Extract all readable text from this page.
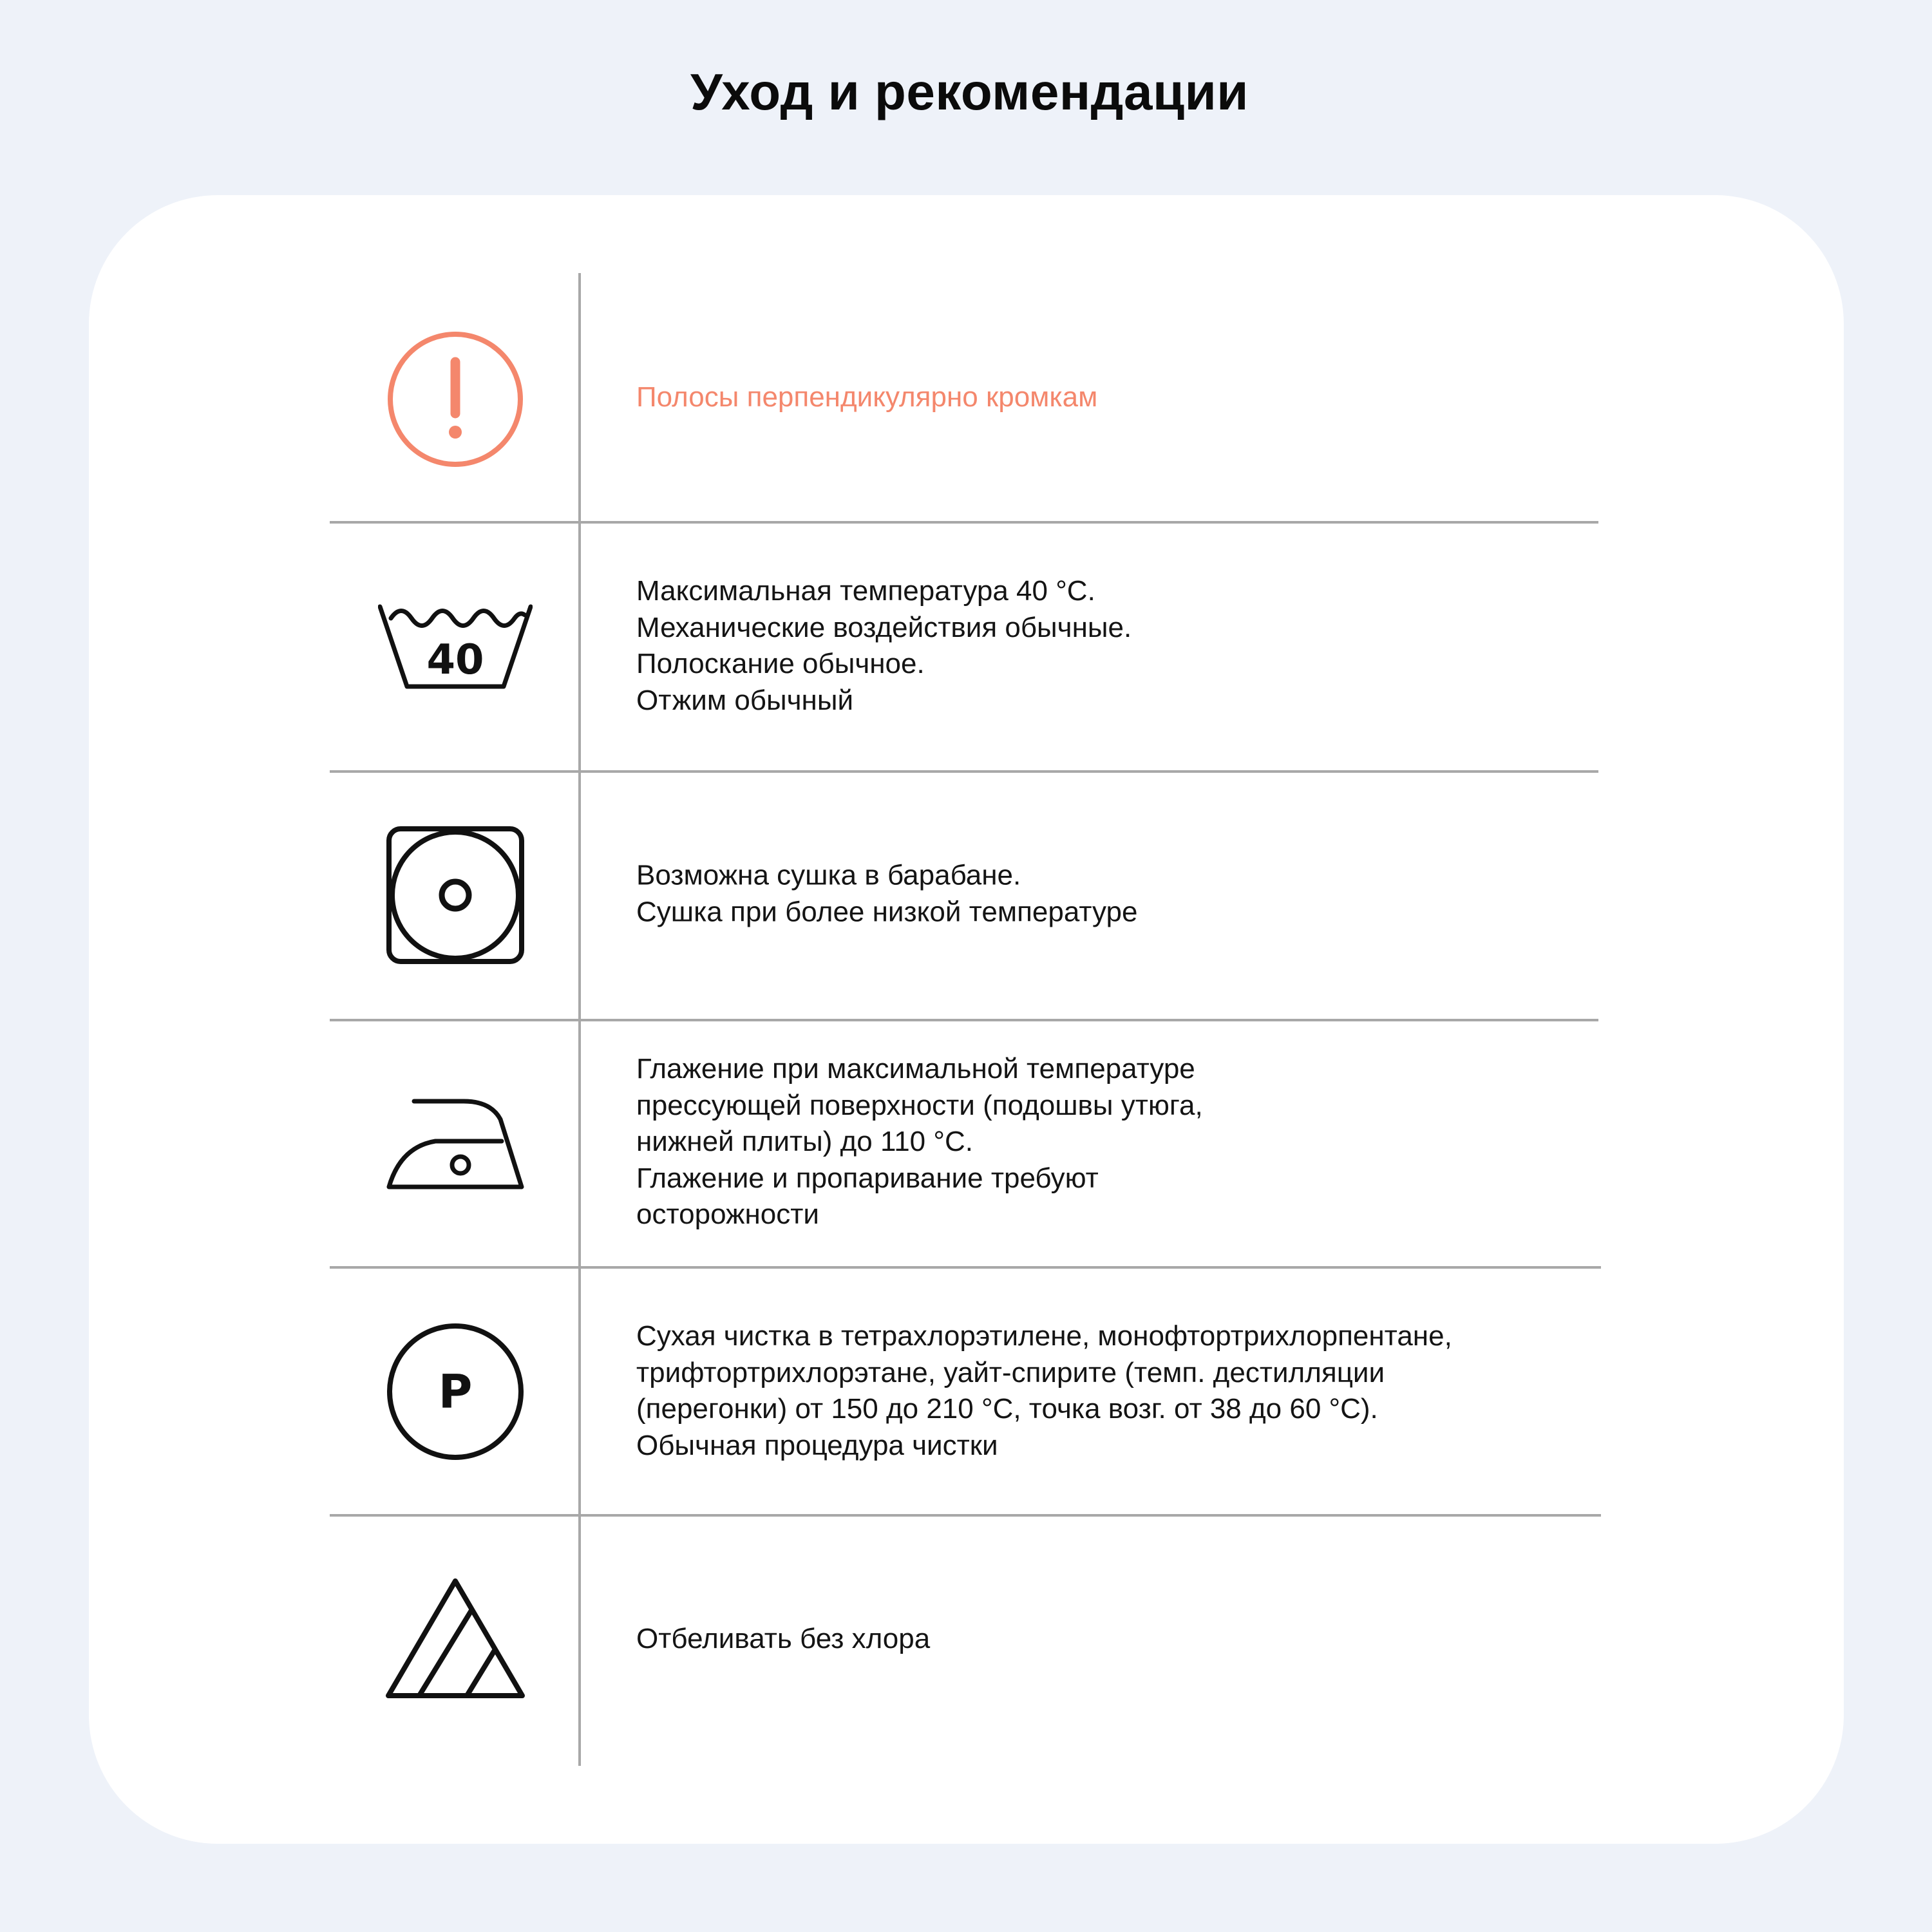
Уход и рекомендации
Полосы перпендикулярно кромкам
40
Максимальная температура 40 °С.
Механические воздействия обычные.
Полоскание обычное.
Отжим обычный
Возможна сушка в барабане.
Сушка при более низкой температуре
Глажение при максимальной температуре
прессующей поверхности (подошвы утюга,
нижней плиты) до 110 °С.
Глажение и пропаривание требуют
осторожности
P
Сухая чистка в тетрахлорэтилене, монофтортрихлорпентане,
трифтортрихлорэтане, уайт-спирите (темп. дестилляции
(перегонки) от 150 до 210 °С, точка возг. от 38 до 60 °С).
Обычная процедура чистки
Отбеливать без хлора
